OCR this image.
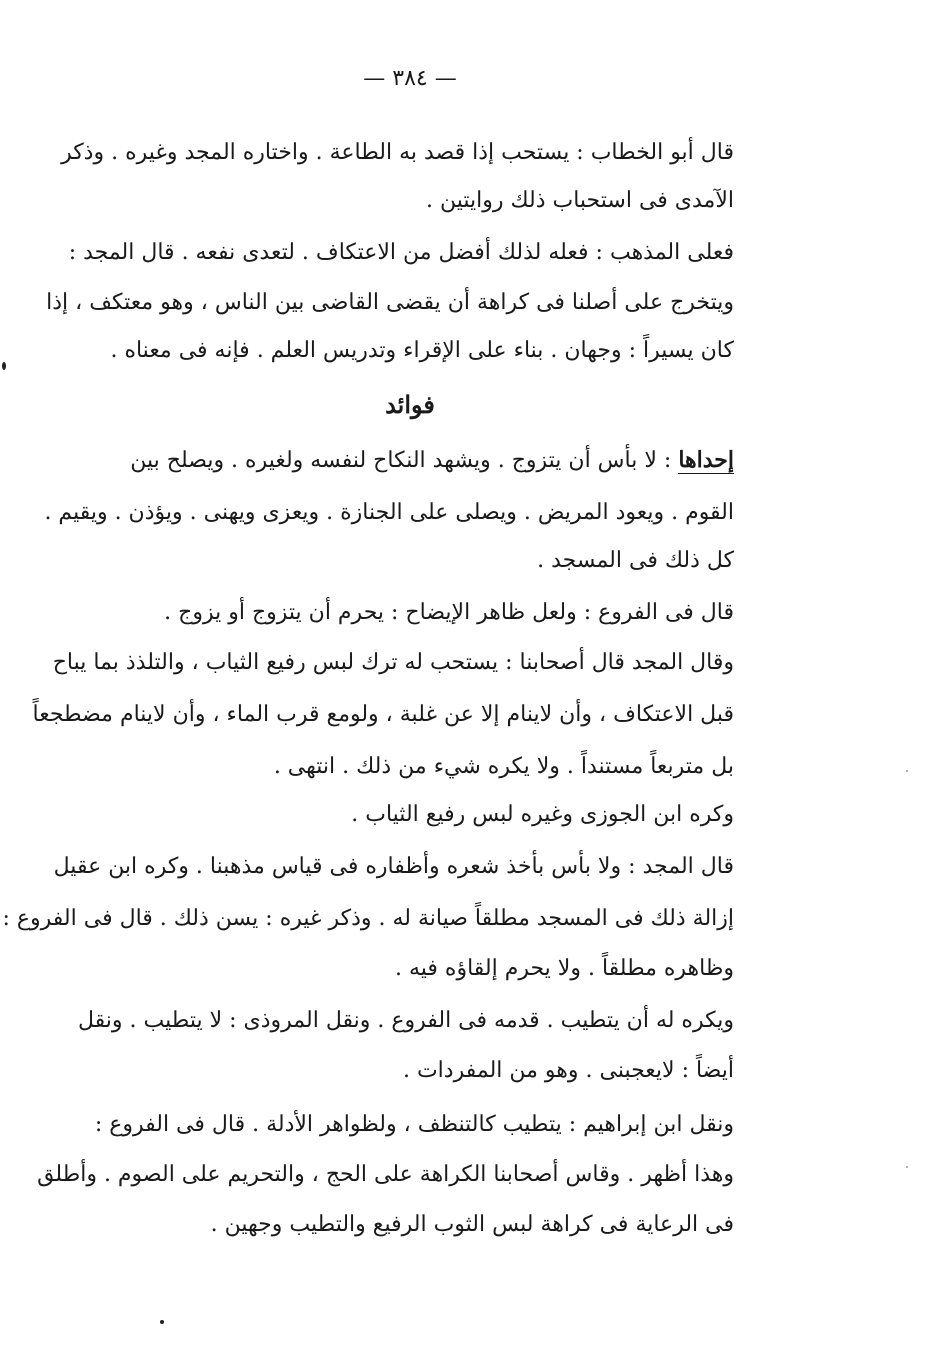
— ٣٨٤ —
قال أبو الخطاب : يستحب إذا قصد به الطاعة . واختاره المجد وغيره . وذكر
الآمدى فى استحباب ذلك روايتين .
فعلى المذهب : فعله لذلك أفضل من الاعتكاف . لتعدى نفعه . قال المجد :
ويتخرج على أصلنا فى كراهة أن يقضى القاضى بين الناس ، وهو معتكف ، إذا
كان يسيراً : وجهان . بناء على الإقراء وتدريس العلم . فإنه فى معناه .
فوائد
إحداها : لا بأس أن يتزوج . ويشهد النكاح لنفسه ولغيره . ويصلح بين
القوم . ويعود المريض . ويصلى على الجنازة . ويعزى ويهنى . ويؤذن . ويقيم .
كل ذلك فى المسجد .
قال فى الفروع : ولعل ظاهر الإيضاح : يحرم أن يتزوج أو يزوج .
وقال المجد قال أصحابنا : يستحب له ترك لبس رفيع الثياب ، والتلذذ بما يباح
قبل الاعتكاف ، وأن لاينام إلا عن غلبة ، ولومع قرب الماء ، وأن لاينام مضطجعاً
بل متربعاً مستنداً . ولا يكره شيء من ذلك . انتهى .
وكره ابن الجوزى وغيره لبس رفيع الثياب .
قال المجد : ولا بأس بأخذ شعره وأظفاره فى قياس مذهبنا . وكره ابن عقيل
إزالة ذلك فى المسجد مطلقاً صيانة له . وذكر غيره : يسن ذلك . قال فى الفروع :
وظاهره مطلقاً . ولا يحرم إلقاؤه فيه .
ويكره له أن يتطيب . قدمه فى الفروع . ونقل المروذى : لا يتطيب . ونقل
أيضاً : لايعجبنى . وهو من المفردات .
ونقل ابن إبراهيم : يتطيب كالتنظف ، ولظواهر الأدلة . قال فى الفروع :
وهذا أظهر . وقاس أصحابنا الكراهة على الحج ، والتحريم على الصوم . وأطلق
فى الرعاية فى كراهة لبس الثوب الرفيع والتطيب وجهين .
